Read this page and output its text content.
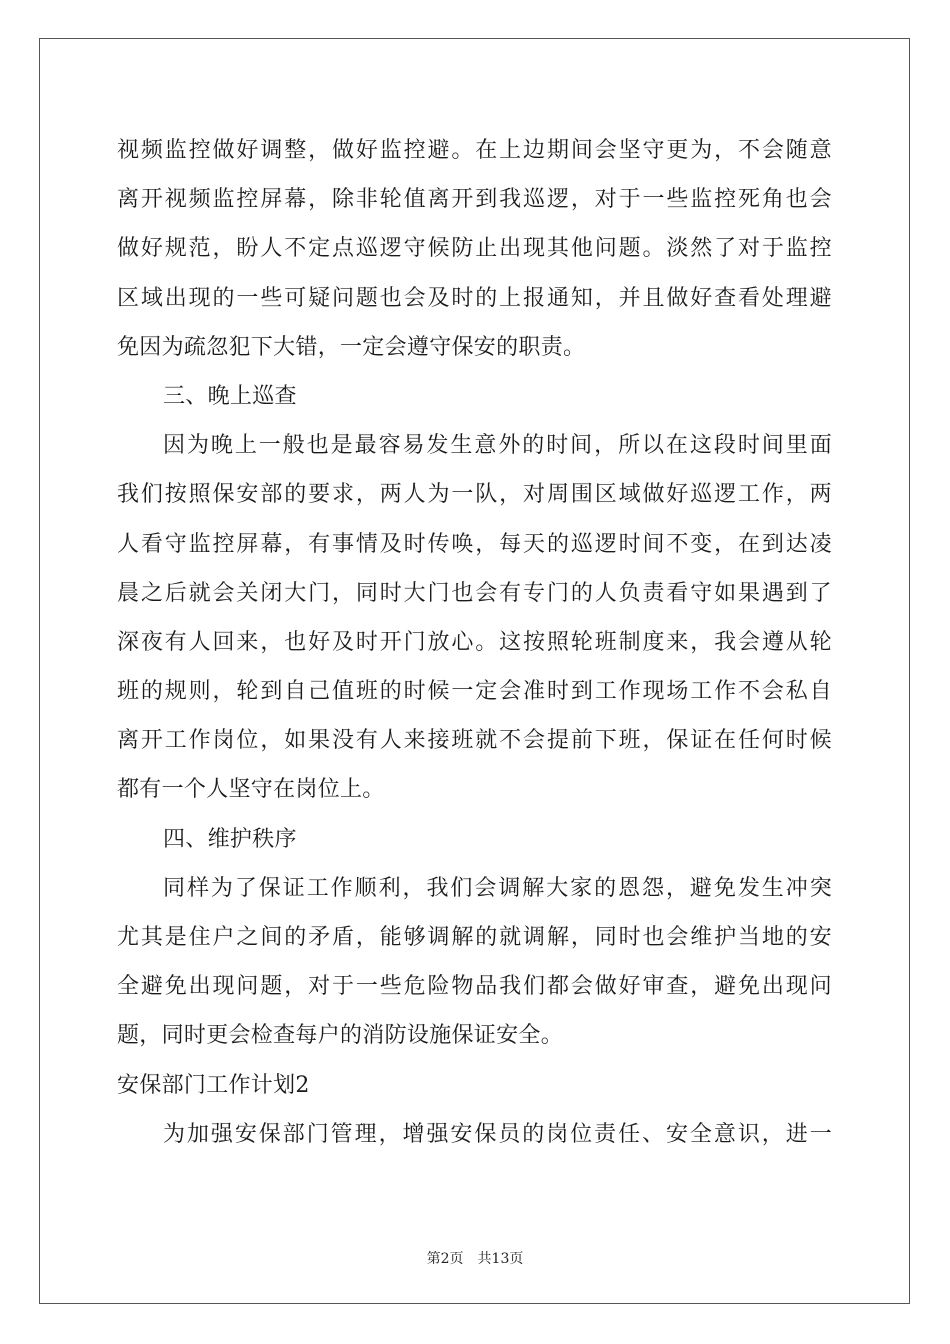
视频监控做好调整，做好监控避。在上边期间会坚守更为，不会随意
离开视频监控屏幕，除非轮值离开到我巡逻，对于一些监控死角也会
做好规范，盼人不定点巡逻守候防止出现其他问题。淡然了对于监控
区域出现的一些可疑问题也会及时的上报通知，并且做好查看处理避
免因为疏忽犯下大错，一定会遵守保安的职责。
三、晚上巡查
因为晚上一般也是最容易发生意外的时间，所以在这段时间里面
我们按照保安部的要求，两人为一队，对周围区域做好巡逻工作，两
人看守监控屏幕，有事情及时传唤，每天的巡逻时间不变，在到达凌
晨之后就会关闭大门，同时大门也会有专门的人负责看守如果遇到了
深夜有人回来，也好及时开门放心。这按照轮班制度来，我会遵从轮
班的规则，轮到自己值班的时候一定会准时到工作现场工作不会私自
离开工作岗位，如果没有人来接班就不会提前下班，保证在任何时候
都有一个人坚守在岗位上。
四、维护秩序
同样为了保证工作顺利，我们会调解大家的恩怨，避免发生冲突
尤其是住户之间的矛盾，能够调解的就调解，同时也会维护当地的安
全避免出现问题，对于一些危险物品我们都会做好审查，避免出现问
题，同时更会检查每户的消防设施保证安全。
安保部门工作计划2
为加强安保部门管理，增强安保员的岗位责任、安全意识，进一
第2页 共13页
